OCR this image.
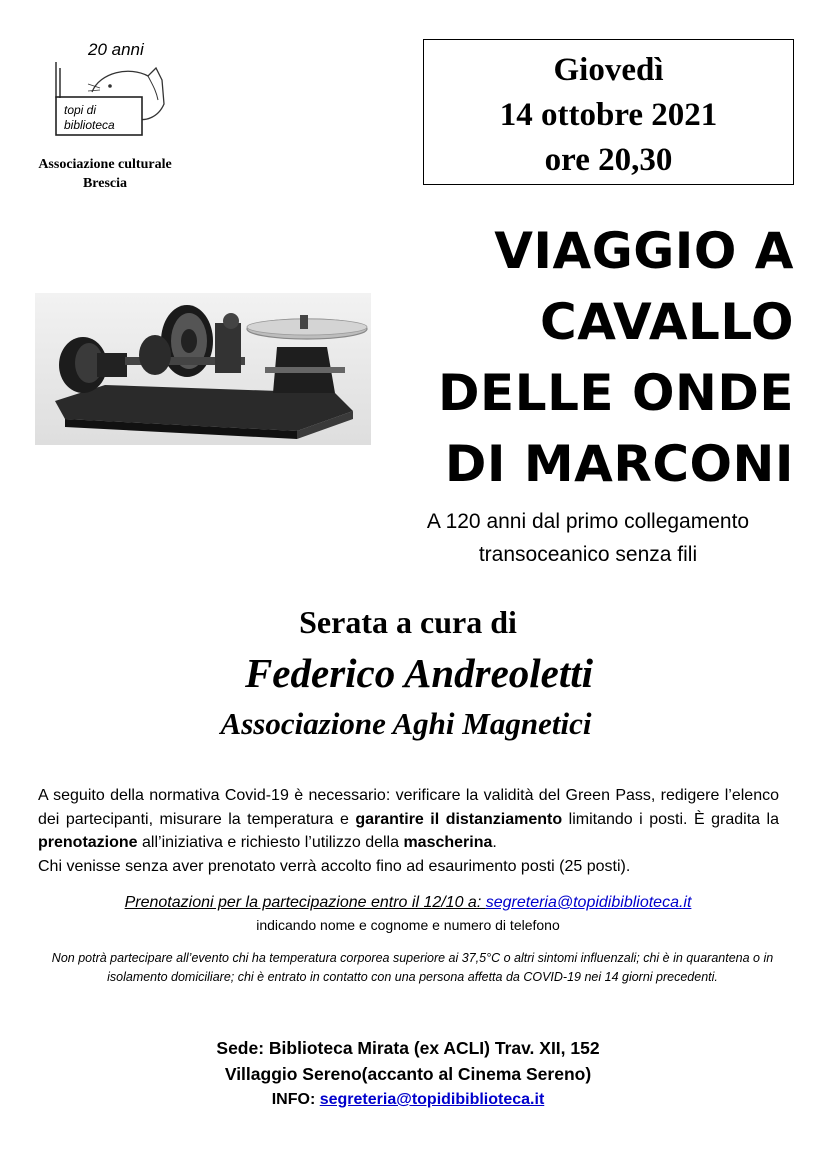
20 anni
topi di
biblioteca
Associazione culturale
Brescia
Giovedì
14 ottobre 2021
ore 20,30
VIAGGIO A
CAVALLO
DELLE ONDE
DI MARCONI
A 120 anni dal primo collegamento
transoceanico senza fili
Serata a cura di
Federico Andreoletti
Associazione Aghi Magnetici

A seguito della normativa Covid-19 è necessario: verificare la validità del Green Pass, redigere l’elenco dei partecipanti, misurare la temperatura e garantire il distanziamento limitando i posti. È gradita la prenotazione all’iniziativa e richiesto l’utilizzo della mascherina.

Chi venisse senza aver prenotato verrà accolto fino ad esaurimento posti (25 posti).

Prenotazioni per la partecipazione entro il 12/10 a: segreteria@topidibiblioteca.it
indicando nome e cognome e numero di telefono
Non potrà partecipare all’evento chi ha temperatura corporea superiore ai 37,5°C o altri sintomi influenzali; chi è in quarantena o in isolamento domiciliare; chi è entrato in contatto con una persona affetta da COVID-19 nei 14 giorni precedenti.
Sede: Biblioteca Mirata (ex ACLI) Trav. XII, 152
Villaggio Sereno(accanto al Cinema Sereno)
INFO: segreteria@topidibiblioteca.it
